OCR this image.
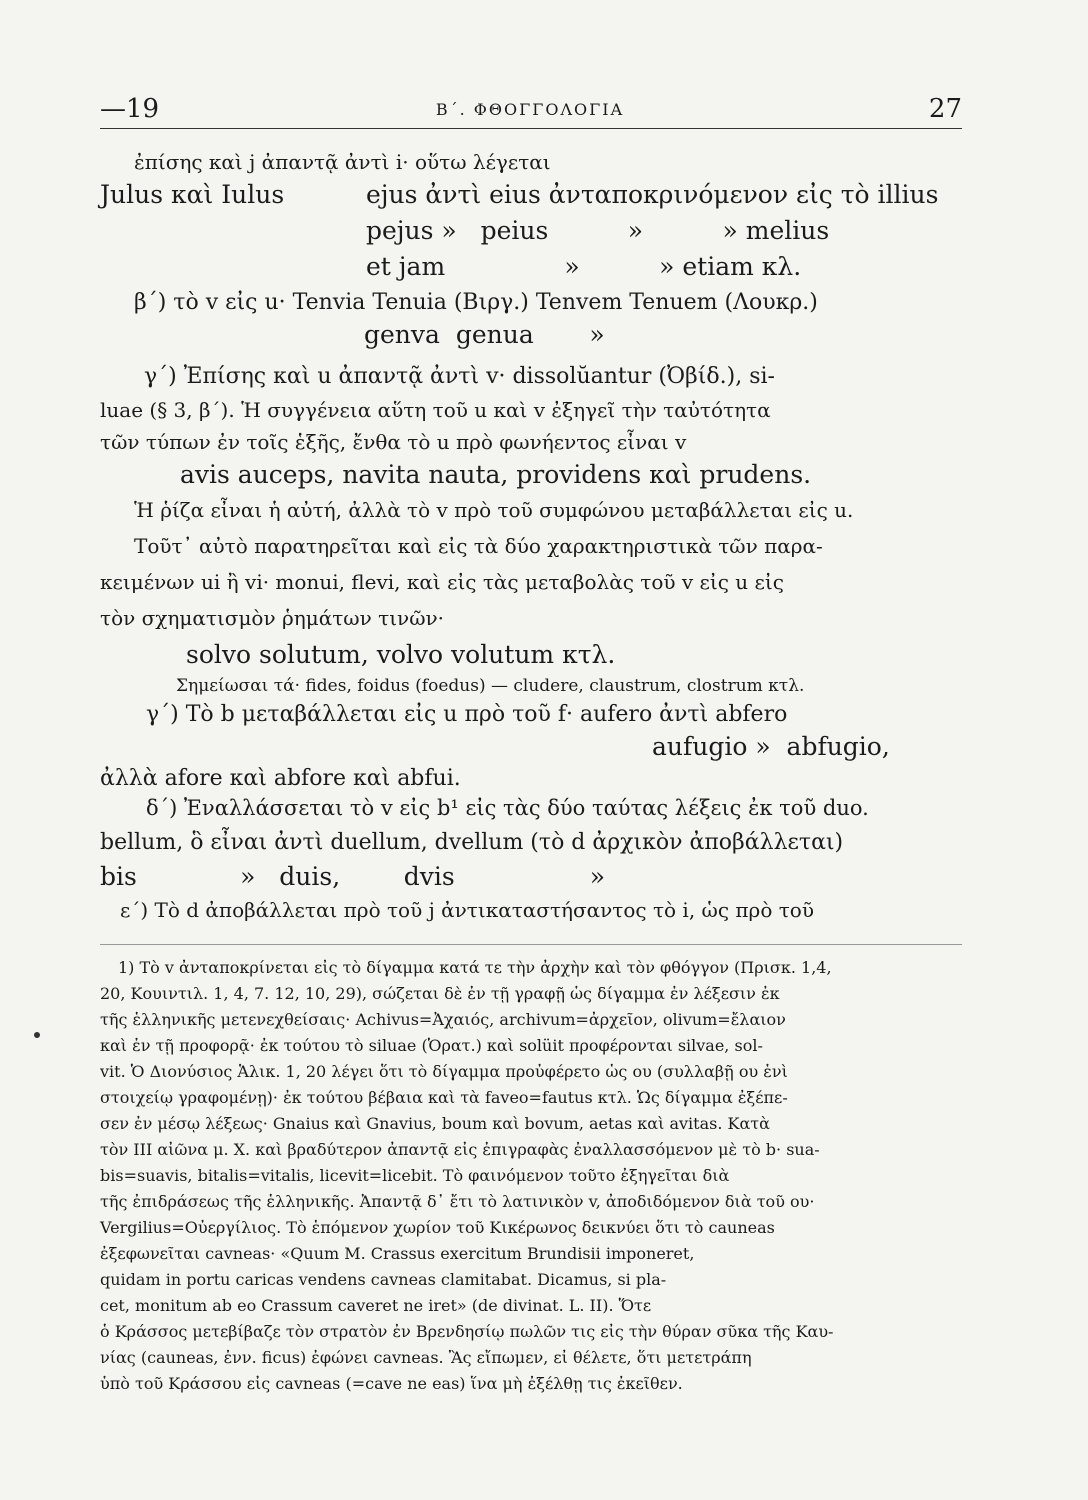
—19	Β΄. ΦΘΟΓΓΟΛΟΓΙΑ	27
ἐπίσης καὶ j ἀπαντᾷ ἀντὶ i· οὕτω λέγεται
Julus καὶ Iulus	ejus ἀντὶ eius ἀνταποκρινόμενον εἰς τὸ illius
pejus »   peius          »          » melius
et jam               »          » etiam κλ.
β΄) τὸ v εἰς u· Tenvia Tenuia (Βιργ.) Tenvem Tenuem (Λουκρ.)
genva  genua       »
γ΄) Ἐπίσης καὶ u ἀπαντᾷ ἀντὶ v· dissolŭantur (Ὀβίδ.), si-
luae (§ 3, β΄). Ἡ συγγένεια αὕτη τοῦ u καὶ v ἐξηγεῖ τὴν ταὐτότητα
τῶν τύπων ἐν τοῖς ἑξῆς, ἔνθα τὸ u πρὸ φωνήεντος εἶναι v
avis auceps, navita nauta, providens καὶ prudens.
Ἡ ῥίζα εἶναι ἡ αὐτή, ἀλλὰ τὸ v πρὸ τοῦ συμφώνου μεταβάλλεται εἰς u.
Τοῦτ᾽ αὐτὸ παρατηρεῖται καὶ εἰς τὰ δύο χαρακτηριστικὰ τῶν παρα-
κειμένων ui ἢ vi· monui, flevi, καὶ εἰς τὰς μεταβολὰς τοῦ v εἰς u εἰς
τὸν σχηματισμὸν ῥημάτων τινῶν·
solvo solutum, volvo volutum κτλ.
Σημείωσαι τά· fides, foidus (foedus) — cludere, claustrum, clostrum κτλ.
γ΄) Τὸ b μεταβάλλεται εἰς u πρὸ τοῦ f· aufero ἀντὶ abfero
aufugio »  abfugio,
ἀλλὰ afore καὶ abfore καὶ abfui.
δ΄) Ἐναλλάσσεται τὸ v εἰς b¹ εἰς τὰς δύο ταύτας λέξεις ἐκ τοῦ duo.
bellum, ὃ εἶναι ἀντὶ duellum, dvellum (τὸ d ἀρχικὸν ἀποβάλλεται)
bis             »   duis,        dvis                 »
ε΄) Τὸ d ἀποβάλλεται πρὸ τοῦ j ἀντικαταστήσαντος τὸ i, ὡς πρὸ τοῦ
1) Τὸ v ἀνταποκρίνεται εἰς τὸ δίγαμμα κατά τε τὴν ἀρχὴν καὶ τὸν φθόγγον (Πρισκ. 1,4,
20, Κουιντιλ. 1, 4, 7. 12, 10, 29), σώζεται δὲ ἐν τῇ γραφῇ ὡς δίγαμμα ἐν λέξεσιν ἐκ
τῆς ἑλληνικῆς μετενεχθείσαις· Achivus=Ἀχαιός, archivum=ἀρχεῖον, olivum=ἔλαιον
καὶ ἐν τῇ προφορᾷ· ἐκ τούτου τὸ siluae (Ὁρατ.) καὶ solüit προφέρονται silvae, sol-
vit. Ὁ Διονύσιος Ἁλικ. 1, 20 λέγει ὅτι τὸ δίγαμμα προὐφέρετο ὡς ου (συλλαβῇ ου ἑνὶ
στοιχείῳ γραφομένῃ)· ἐκ τούτου βέβαια καὶ τὰ faveo=fautus κτλ. Ὡς δίγαμμα ἐξέπε-
σεν ἐν μέσῳ λέξεως· Gnaius καὶ Gnavius, boum καὶ bovum, aetas καὶ avitas. Κατὰ
τὸν ΙΙΙ αἰῶνα μ. Χ. καὶ βραδύτερον ἀπαντᾷ εἰς ἐπιγραφὰς ἐναλλασσόμενον μὲ τὸ b· sua-
bis=suavis, bitalis=vitalis, licevit=licebit. Τὸ φαινόμενον τοῦτο ἐξηγεῖται διὰ
τῆς ἐπιδράσεως τῆς ἑλληνικῆς. Ἀπαντᾷ δ᾽ ἔτι τὸ λατινικὸν v, ἀποδιδόμενον διὰ τοῦ ου·
Vergilius=Οὐεργίλιος. Τὸ ἑπόμενον χωρίον τοῦ Κικέρωνος δεικνύει ὅτι τὸ cauneas
ἐξεφωνεῖται cavneas· «Quum M. Crassus exercitum Brundisii imponeret,
quidam in portu caricas vendens cavneas clamitabat. Dicamus, si pla-
cet, monitum ab eo Crassum caveret ne iret» (de divinat. L. II). Ὅτε
ὁ Κράσσος μετεβίβαζε τὸν στρατὸν ἐν Βρενδησίῳ πωλῶν τις εἰς τὴν θύραν σῦκα τῆς Καυ-
νίας (cauneas, ἐνν. ficus) ἐφώνει cavneas. Ἂς εἴπωμεν, εἰ θέλετε, ὅτι μετετράπη
ὑπὸ τοῦ Κράσσου εἰς cavneas (=cave ne eas) ἵνα μὴ ἐξέλθῃ τις ἐκεῖθεν.
